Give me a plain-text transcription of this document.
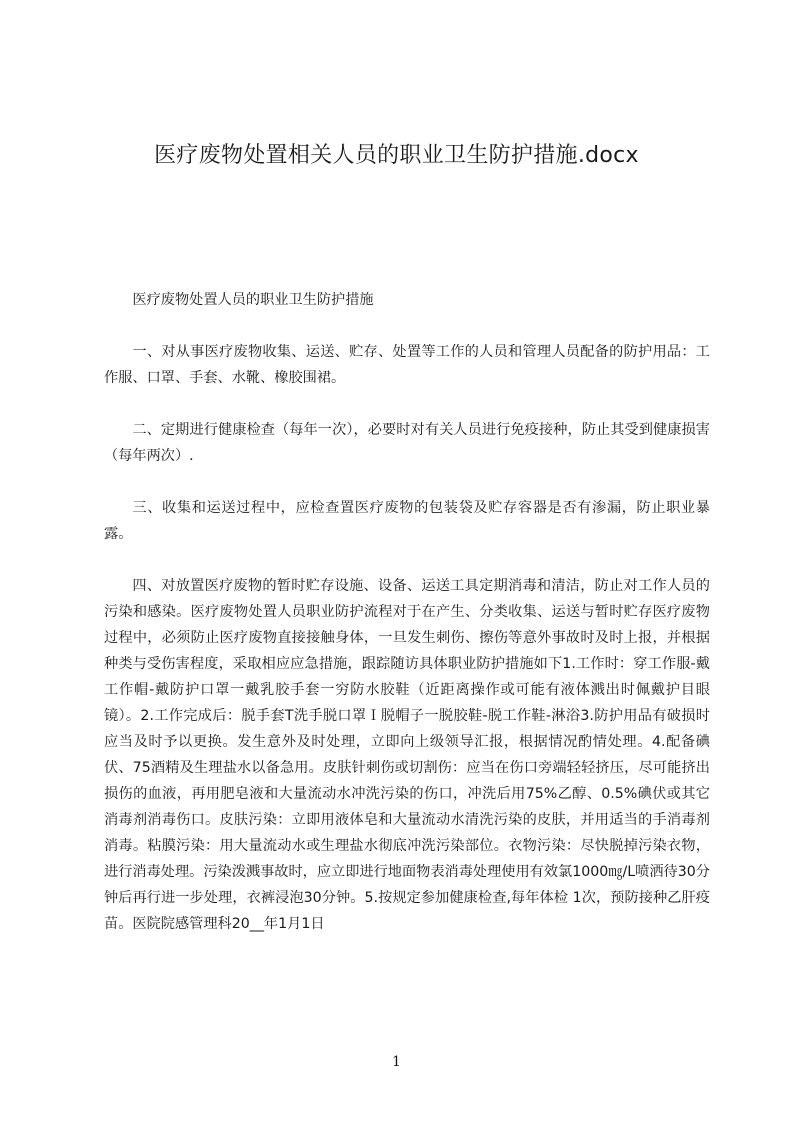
医疗废物处置相关人员的职业卫生防护措施.docx

医疗废物处置人员的职业卫生防护措施

一、对从事医疗废物收集、运送、贮存、处置等工作的人员和管理人员配备的防护用品：工作服、口罩、手套、水靴、橡胶围裙。

二、定期进行健康检查（每年一次），必要时对有关人员进行免疫接种，防止其受到健康损害（每年两次）.

三、收集和运送过程中，应检查置医疗废物的包装袋及贮存容器是否有渗漏，防止职业暴露。

四、对放置医疗废物的暂时贮存设施、设备、运送工具定期消毒和清洁，防止对工作人员的污染和感染。医疗废物处置人员职业防护流程对于在产生、分类收集、运送与暂时贮存医疗废物过程中，必须防止医疗废物直接接触身体，一旦发生刺伤、擦伤等意外事故时及时上报，并根据种类与受伤害程度，采取相应应急措施，跟踪随访具体职业防护措施如下1.工作时：穿工作服-戴工作帽-戴防护口罩一戴乳胶手套一穷防水胶鞋（近距离操作或可能有液体溅出时佩戴护目眼镜）。2.工作完成后：脱手套T洗手脱口罩Ｉ脱帽子一脱胶鞋-脱工作鞋-淋浴3.防护用品有破损时应当及时予以更换。发生意外及时处理，立即向上级领导汇报，根据情况酌情处理。4.配备碘伏、75酒精及生理盐水以备急用。皮肤针刺伤或切割伤：应当在伤口旁端轻轻挤压，尽可能挤出损伤的血液，再用肥皂液和大量流动水冲洗污染的伤口，冲洗后用75%乙醇、0.5%碘伏或其它消毒剂消毒伤口。皮肤污染：立即用液体皂和大量流动水清洗污染的皮肤，并用适当的手消毒剂消毒。粘膜污染：用大量流动水或生理盐水彻底冲洗污染部位。衣物污染：尽快脱掉污染衣物，进行消毒处理。污染泼溅事故时，应立即进行地面物表消毒处理使用有效氯1000㎎/L喷洒待30分钟后再行进一步处理，衣裤浸泡30分钟。5.按规定参加健康检查,每年体检 1次，预防接种乙肝疫苗。医院院感管理科20__年1月1日

1
